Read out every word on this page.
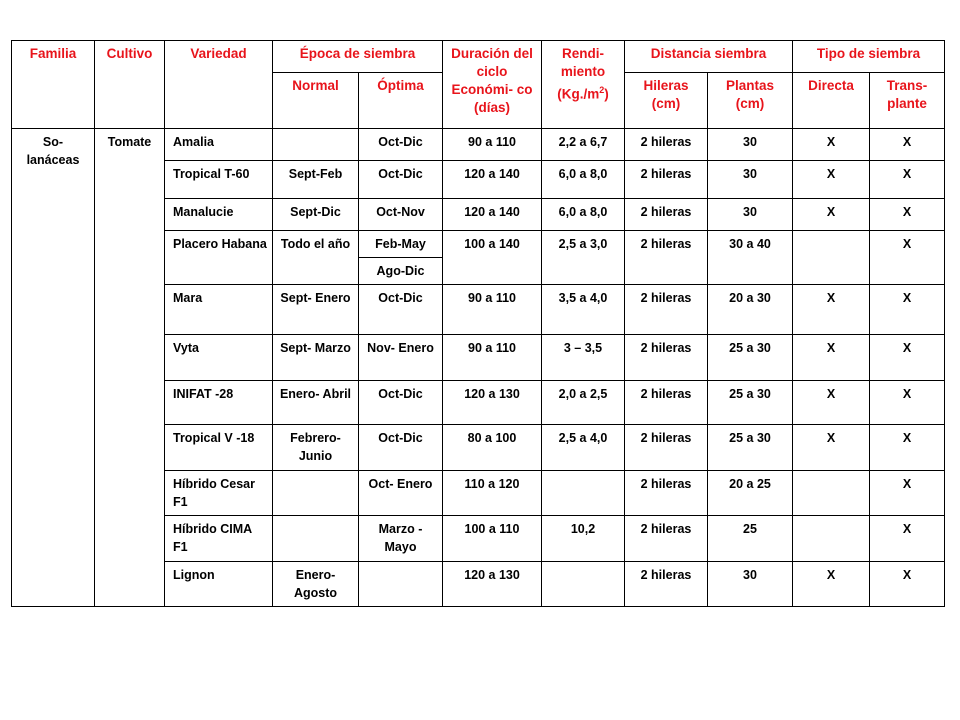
Familia	Cultivo	Variedad	Época de siembra		Duración del ciclo Económi- co (días)	Rendi- miento $(Kg./m^2)$	Distancia siembra		Tipo de siembra	
			Normal	Óptima			Hileras (cm)	Plantas (cm)	Directa	Trans- plante
So- lanáceas	Tomate	Amalia		Oct-Dic	90 a 110	2,2 a 6,7	2 hileras	30	X	X
		Tropical T-60	Sept-Feb	Oct-Dic	120 a 140	6,0 a 8,0	2 hileras	30	X	X
		Manalucie	Sept-Dic	Oct-Nov	120 a 140	6,0 a 8,0	2 hileras	30	X	X
		Placero Habana	Todo el año	Feb-May	100 a 140	2,5 a 3,0	2 hileras	30 a 40		X
				Ago-Dic						
		Mara	Sept- Enero	Oct-Dic	90 a 110	3,5 a 4,0	2 hileras	20 a 30	X	X
		Vyta	Sept- Marzo	Nov- Enero	90 a 110	3 – 3,5	2 hileras	25 a 30	X	X
		INIFAT -28	Enero- Abril	Oct-Dic	120 a 130	2,0 a 2,5	2 hileras	25 a 30	X	X
		Tropical V -18	Febrero- Junio	Oct-Dic	80 a 100	2,5 a 4,0	2 hileras	25 a 30	X	X
		Híbrido Cesar F1		Oct- Enero	110 a 120		2 hileras	20 a 25		X
		Híbrido CIMA F1		Marzo - Mayo	100 a 110	10,2	2 hileras	25		X
		Lignon	Enero- Agosto		120 a 130		2 hileras	30	X	X
